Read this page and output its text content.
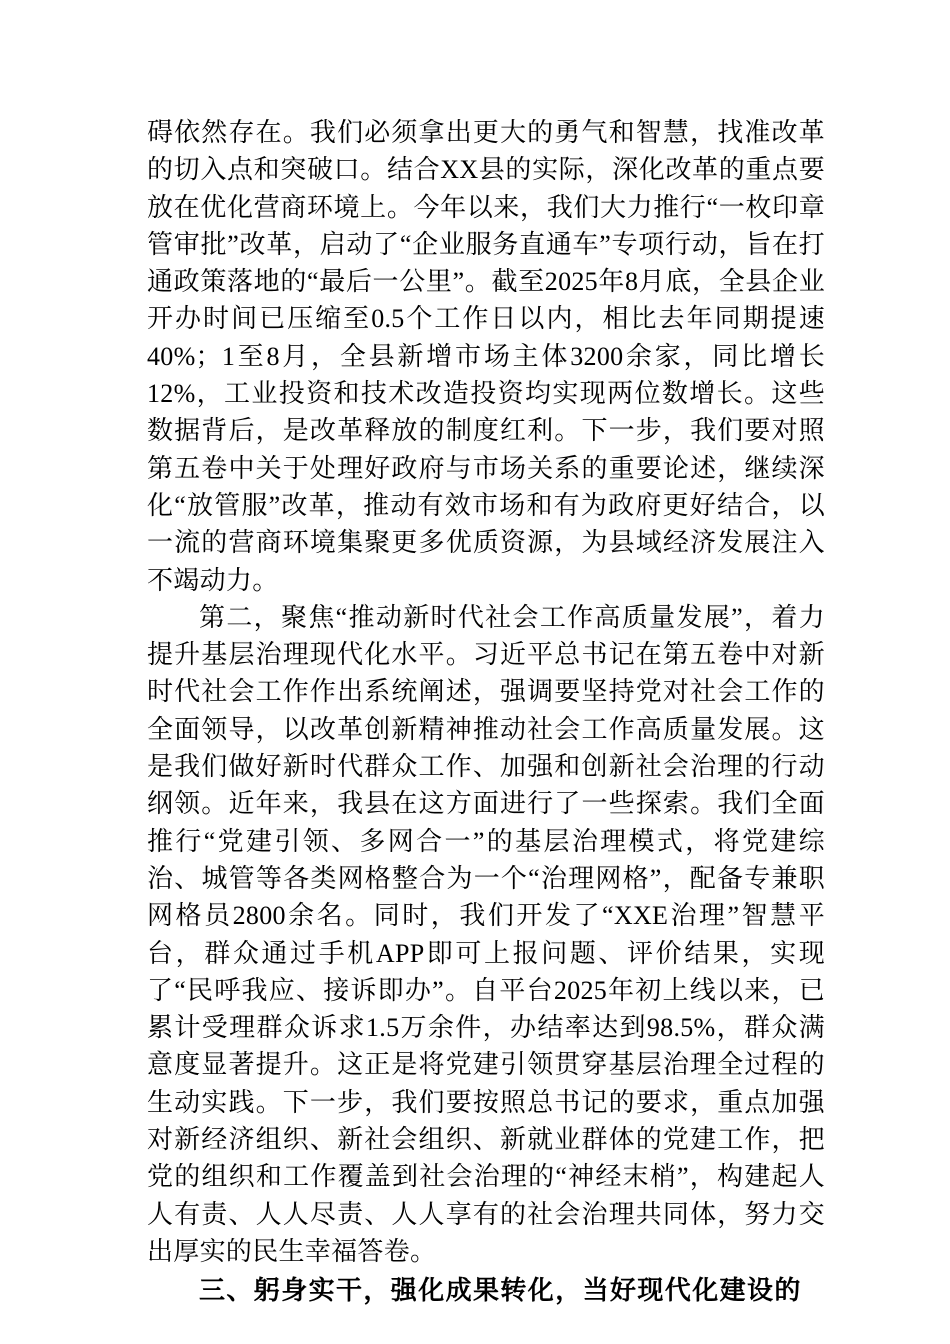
碍依然存在。我们必须拿出更大的勇气和智慧，找准改革的切入点和突破口。结合XX县的实际，深化改革的重点要放在优化营商环境上。今年以来，我们大力推行“一枚印章管审批”改革，启动了“企业服务直通车”专项行动，旨在打通政策落地的“最后一公里”。截至2025年8月底，全县企业开办时间已压缩至0.5个工作日以内，相比去年同期提速40%；1至8月，全县新增市场主体3200余家，同比增长12%，工业投资和技术改造投资均实现两位数增长。这些数据背后，是改革释放的制度红利。下一步，我们要对照第五卷中关于处理好政府与市场关系的重要论述，继续深化“放管服”改革，推动有效市场和有为政府更好结合，以一流的营商环境集聚更多优质资源，为县域经济发展注入不竭动力。

第二，聚焦“推动新时代社会工作高质量发展”，着力提升基层治理现代化水平。习近平总书记在第五卷中对新时代社会工作作出系统阐述，强调要坚持党对社会工作的全面领导，以改革创新精神推动社会工作高质量发展。这是我们做好新时代群众工作、加强和创新社会治理的行动纲领。近年来，我县在这方面进行了一些探索。我们全面推行“党建引领、多网合一”的基层治理模式，将党建综治、城管等各类网格整合为一个“治理网格”，配备专兼职网格员2800余名。同时，我们开发了“XXE治理”智慧平台，群众通过手机APP即可上报问题、评价结果，实现了“民呼我应、接诉即办”。自平台2025年初上线以来，已累计受理群众诉求1.5万余件，办结率达到98.5%，群众满意度显著提升。这正是将党建引领贯穿基层治理全过程的生动实践。下一步，我们要按照总书记的要求，重点加强对新经济组织、新社会组织、新就业群体的党建工作，把党的组织和工作覆盖到社会治理的“神经末梢”，构建起人人有责、人人尽责、人人享有的社会治理共同体，努力交出厚实的民生幸福答卷。

三、躬身实干，强化成果转化，当好现代化建设的
